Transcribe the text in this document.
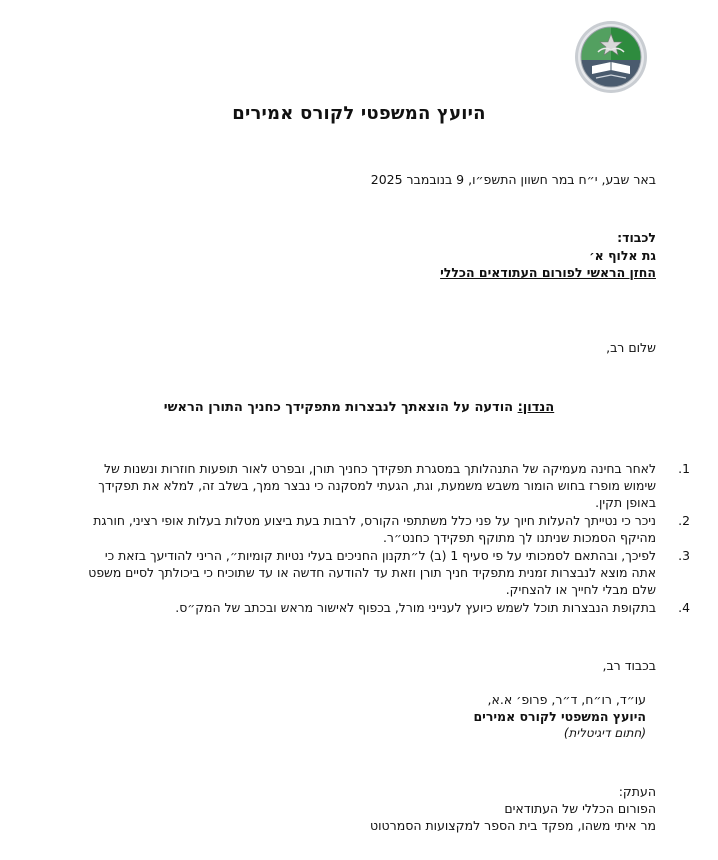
היועץ המשפטי לקורס אמירים
באר שבע, י״ח במר חשוון התשפ״ו, 9 בנובמבר 2025
לכבוד:
גת אלוף א׳
החזן הראשי לפורום העתודאים הכללי
שלום רב,
הנדון: הודעה על הוצאתך לנבצרות מתפקידך כחניך התורן הראשי
1.
לאחר בחינה מעמיקה של התנהלותך במסגרת תפקידך כחניך תורן, ובפרט לאור תופעות חוזרות ונשנות של שימוש מופרז בחוש הומור משבש משמעת, וגת, הגעתי למסקנה כי נבצר ממך, בשלב זה, למלא את תפקידך באופן תקין.
2.
ניכר כי נטייתך להעלות חיוך על פני כלל משתתפי הקורס, לרבות בעת ביצוע מטלות בעלות אופי רציני, חורגת מהיקף הסמכות שניתנו לך מתוקף תפקידך כחנט״ר.
3.
לפיכך, ובהתאם לסמכותי על פי סעיף 1 (ב) ל״תקנון החניכים בעלי נטיות קומיות״, הריני להודיעך בזאת כי אתה מוצא לנבצרות זמנית מתפקיד חניך תורן וזאת עד להודעה חדשה או עד שתוכיח כי ביכולתך לסיים משפט שלם מבלי לחייך או להצחיק.
4.
בתקופת הנבצרות תוכל לשמש כיועץ לענייני מורל, בכפוף לאישור מראש ובכתב של המק״ס.
בכבוד רב,
עו״ד, רו״ח, ד״ר, פרופ׳ א.א,
היועץ המשפטי לקורס אמירים
(חתום דיגיטלית)
העתק:
הפורום הכללי של העתודאים
מר איתי משהו, מפקד בית הספר למקצועות הסמרטוט
